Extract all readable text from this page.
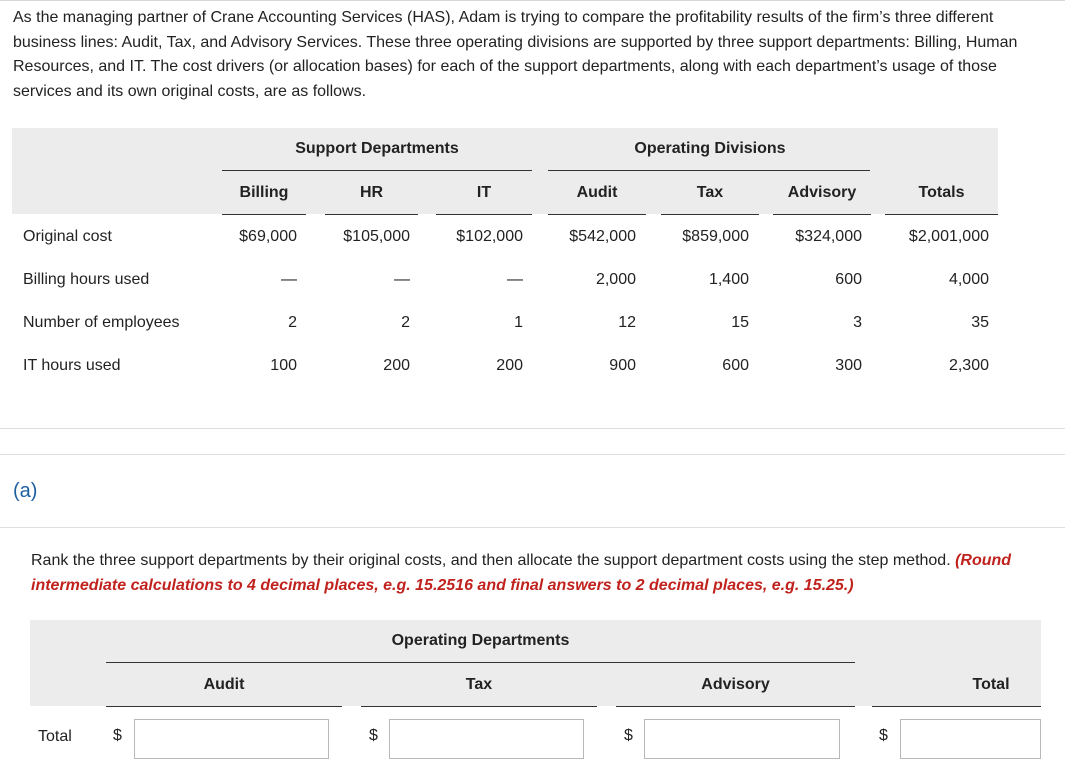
As the managing partner of Crane Accounting Services (HAS), Adam is trying to compare the profitability results of the firm’s three different business lines: Audit, Tax, and Advisory Services. These three operating divisions are supported by three support departments: Billing, Human Resources, and IT. The cost drivers (or allocation bases) for each of the support departments, along with each department’s usage of those services and its own original costs, are as follows.
Support Departments	Operating Divisions
Billing	HR	IT	Audit	Tax	Advisory	Totals
Original cost	$69,000	$105,000	$102,000	$542,000	$859,000	$324,000	$2,001,000
Billing hours used	—	—	—	2,000	1,400	600	4,000
Number of employees	2	2	1	12	15	3	35
IT hours used	100	200	200	900	600	300	2,300
(a)
Rank the three support departments by their original costs, and then allocate the support department costs using the step method. (Round intermediate calculations to 4 decimal places, e.g. 15.2516 and final answers to 2 decimal places, e.g. 15.25.)
Operating Departments
Audit	Tax	Advisory	Total
Total	$	$	$	$
